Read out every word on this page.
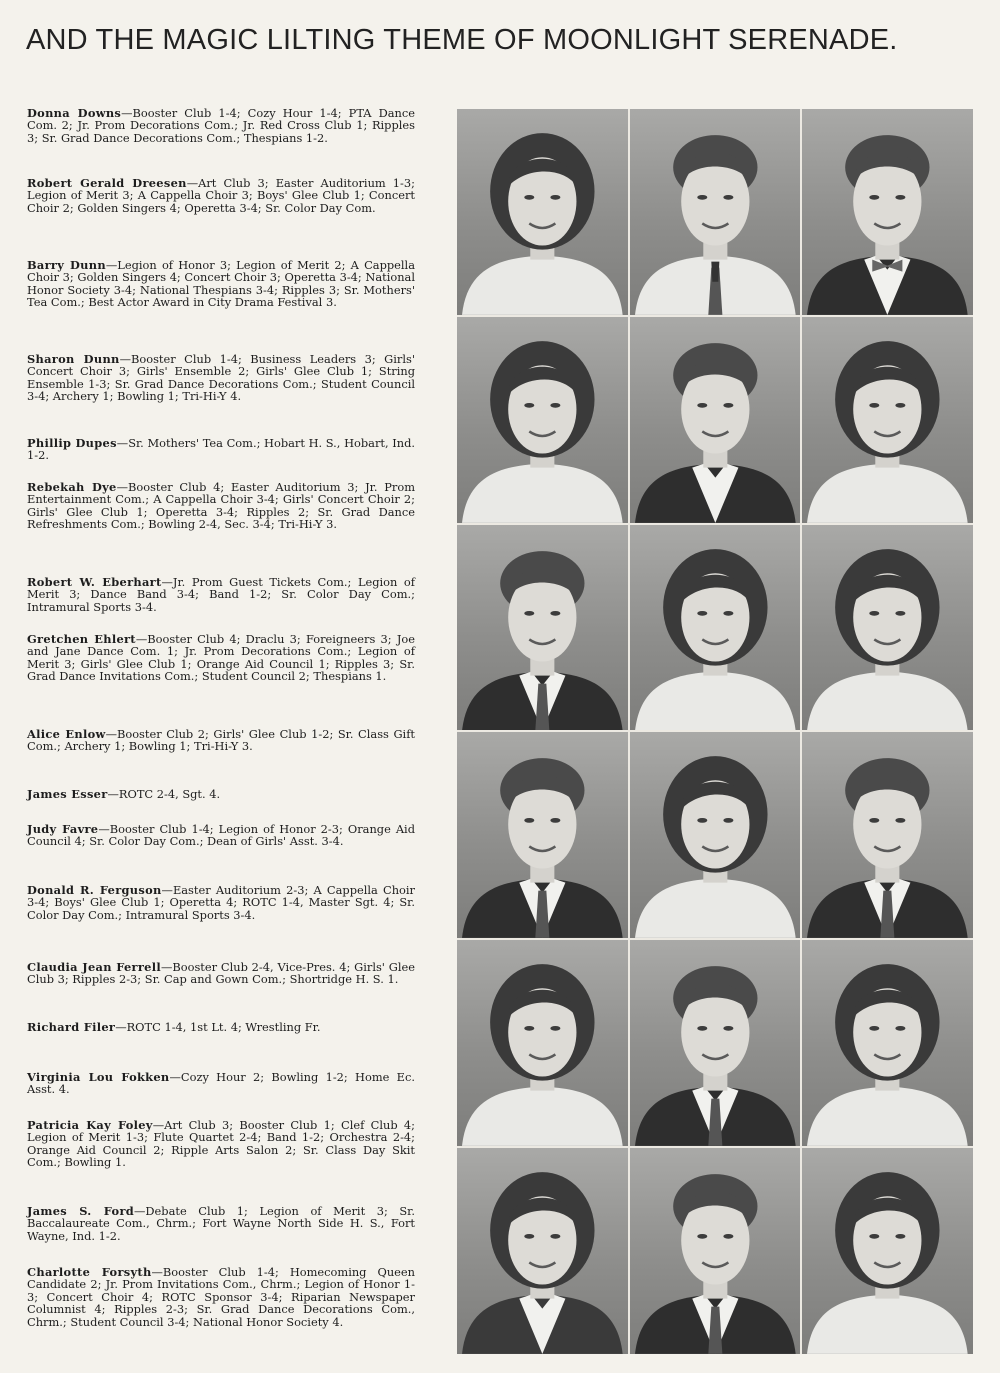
AND THE MAGIC LILTING THEME OF MOONLIGHT SERENADE.

Donna Downs—Booster Club 1-4; Cozy Hour 1-4; PTA Dance Com. 2; Jr. Prom Decorations Com.; Jr. Red Cross Club 1; Ripples 3; Sr. Grad Dance Decorations Com.; Thespians 1-2.

Robert Gerald Dreesen—Art Club 3; Easter Auditorium 1-3; Legion of Merit 3; A Cappella Choir 3; Boys' Glee Club 1; Concert Choir 2; Golden Singers 4; Operetta 3-4; Sr. Color Day Com.

Barry Dunn—Legion of Honor 3; Legion of Merit 2; A Cappella Choir 3; Golden Singers 4; Concert Choir 3; Operetta 3-4; National Honor Society 3-4; National Thespians 3-4; Ripples 3; Sr. Mothers' Tea Com.; Best Actor Award in City Drama Festival 3.

Sharon Dunn—Booster Club 1-4; Business Leaders 3; Girls' Concert Choir 3; Girls' Ensemble 2; Girls' Glee Club 1; String Ensemble 1-3; Sr. Grad Dance Decorations Com.; Student Council 3-4; Archery 1; Bowling 1; Tri-Hi-Y 4.

Phillip Dupes—Sr. Mothers' Tea Com.; Hobart H. S., Hobart, Ind. 1-2.

Rebekah Dye—Booster Club 4; Easter Auditorium 3; Jr. Prom Entertainment Com.; A Cappella Choir 3-4; Girls' Concert Choir 2; Girls' Glee Club 1; Operetta 3-4; Ripples 2; Sr. Grad Dance Refreshments Com.; Bowling 2-4, Sec. 3-4; Tri-Hi-Y 3.

Robert W. Eberhart—Jr. Prom Guest Tickets Com.; Legion of Merit 3; Dance Band 3-4; Band 1-2; Sr. Color Day Com.; Intramural Sports 3-4.

Gretchen Ehlert—Booster Club 4; Draclu 3; Foreigneers 3; Joe and Jane Dance Com. 1; Jr. Prom Decorations Com.; Legion of Merit 3; Girls' Glee Club 1; Orange Aid Council 1; Ripples 3; Sr. Grad Dance Invitations Com.; Student Council 2; Thespians 1.

Alice Enlow—Booster Club 2; Girls' Glee Club 1-2; Sr. Class Gift Com.; Archery 1; Bowling 1; Tri-Hi-Y 3.

James Esser—ROTC 2-4, Sgt. 4.

Judy Favre—Booster Club 1-4; Legion of Honor 2-3; Orange Aid Council 4; Sr. Color Day Com.; Dean of Girls' Asst. 3-4.

Donald R. Ferguson—Easter Auditorium 2-3; A Cappella Choir 3-4; Boys' Glee Club 1; Operetta 4; ROTC 1-4, Master Sgt. 4; Sr. Color Day Com.; Intramural Sports 3-4.

Claudia Jean Ferrell—Booster Club 2-4, Vice-Pres. 4; Girls' Glee Club 3; Ripples 2-3; Sr. Cap and Gown Com.; Shortridge H. S. 1.

Richard Filer—ROTC 1-4, 1st Lt. 4; Wrestling Fr.

Virginia Lou Fokken—Cozy Hour 2; Bowling 1-2; Home Ec. Asst. 4.

Patricia Kay Foley—Art Club 3; Booster Club 1; Clef Club 4; Legion of Merit 1-3; Flute Quartet 2-4; Band 1-2; Orchestra 2-4; Orange Aid Council 2; Ripple Arts Salon 2; Sr. Class Day Skit Com.; Bowling 1.

James S. Ford—Debate Club 1; Legion of Merit 3; Sr. Baccalaureate Com., Chrm.; Fort Wayne North Side H. S., Fort Wayne, Ind. 1-2.

Charlotte Forsyth—Booster Club 1-4; Homecoming Queen Candidate 2; Jr. Prom Invitations Com., Chrm.; Legion of Honor 1-3; Concert Choir 4; ROTC Sponsor 3-4; Riparian Newspaper Columnist 4; Ripples 2-3; Sr. Grad Dance Decorations Com., Chrm.; Student Council 3-4; National Honor Society 4.
